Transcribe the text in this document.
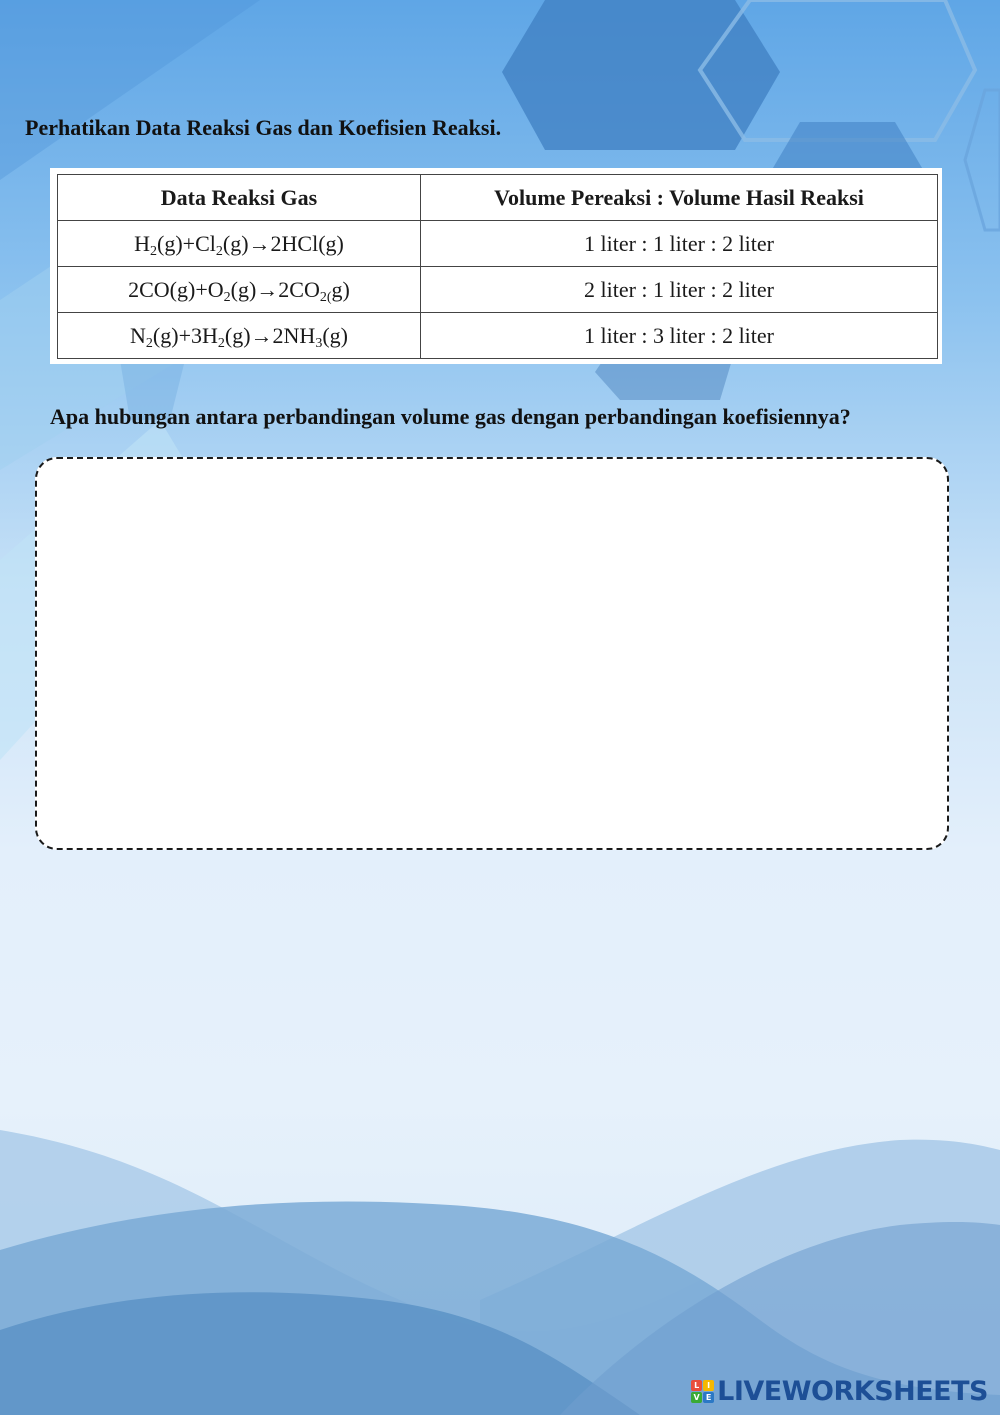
Perhatikan Data Reaksi Gas dan Koefisien Reaksi.

Data Reaksi Gas	Volume Pereaksi : Volume Hasil Reaksi
$H_2(g)+Cl_2(g)\to 2HCl(g)$	1 liter : 1 liter : 2 liter
$2CO(g)+O_2(g)\to 2CO_{2(}g$)	2 liter : 1 liter : 2 liter
$N_2(g)+3H_2(g)\to 2NH_3(g)$	1 liter : 3 liter : 2 liter

Apa hubungan antara perbandingan volume gas dengan perbandingan koefisiennya?

L I
V E LIVEWORKSHEETS
